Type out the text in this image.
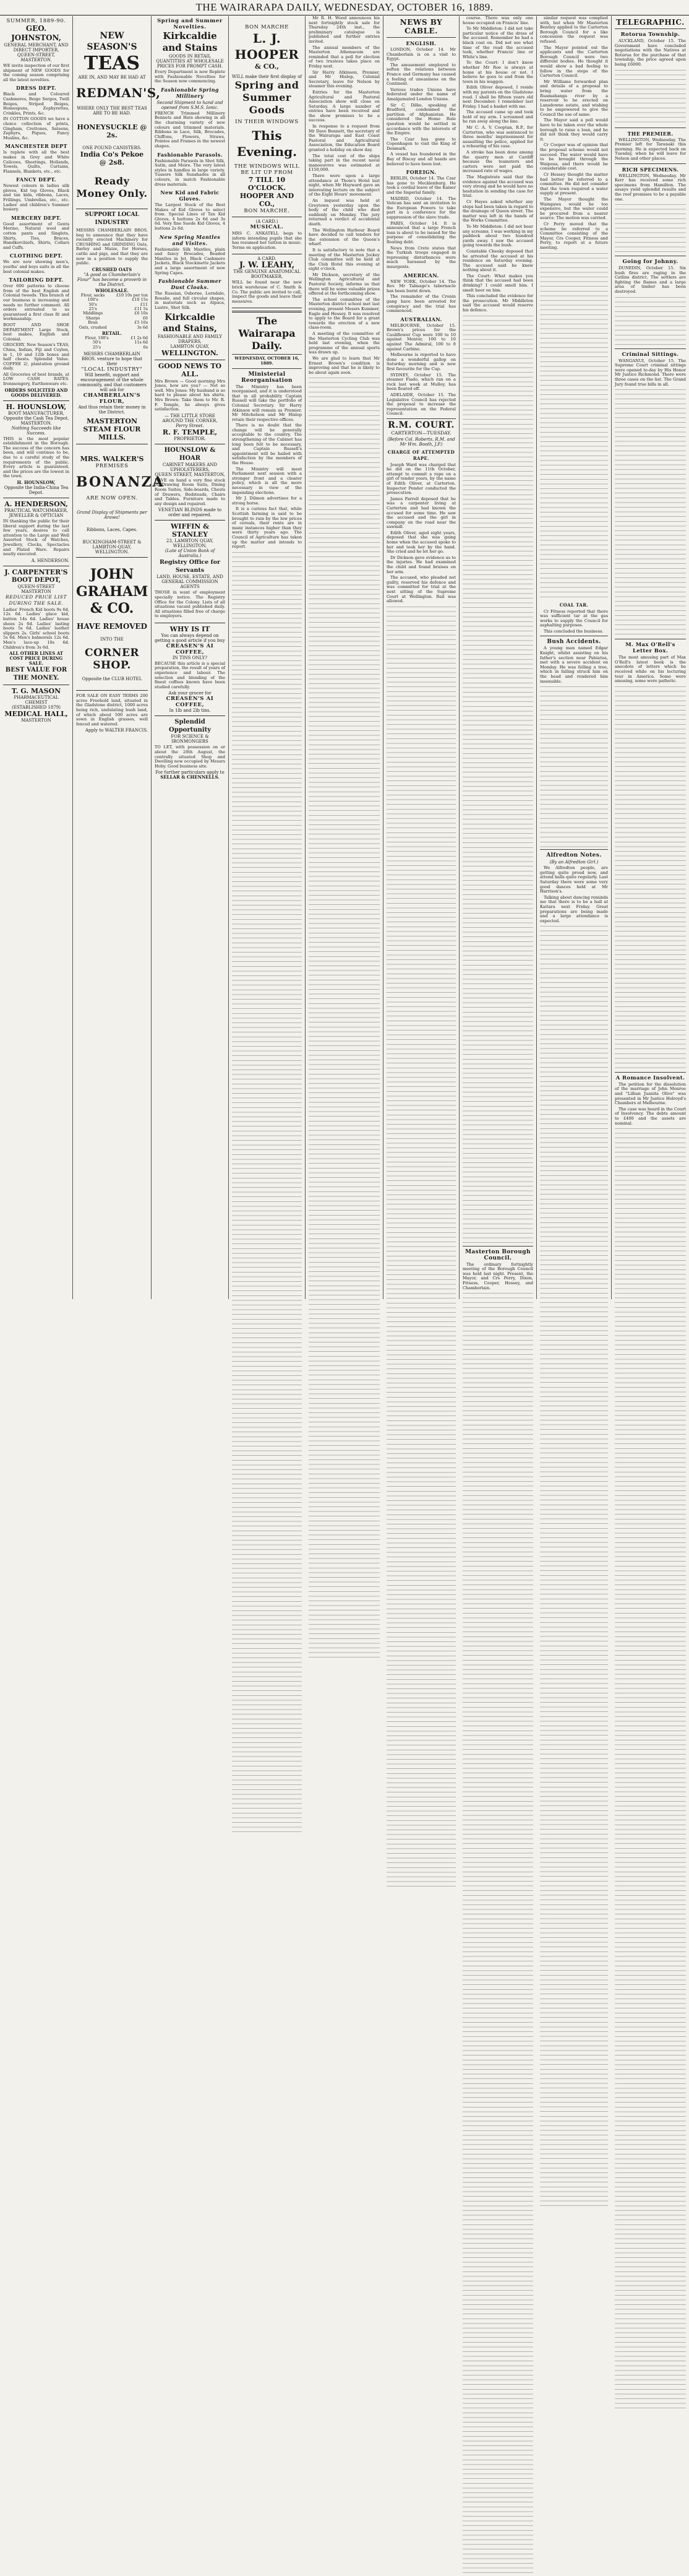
THE WAIRARAPA DAILY, WEDNESDAY, OCTOBER 16, 1889.
SUMMER, 1889-90.
GEO. JOHNSTON,
GENERAL MERCHANT, AND DIRECT IMPORTER,
QUEEN-STREET, MASTERTON.

WE invite inspection of our first shipment of NEW GOODS for the coming season comprising all the latest novelties.

DRESS DEPT.

Black and Coloured Cashmeres, Beige Serges, Twill Beiges, Striped Beiges, Homespuns, Zephyrettes, Crinkles, Prints, &c.

IN COTTON GOODS we have a choice collection of prints, Gingham, Crettones, Sateens, Zephyrs, Piques, Fancy Muslins, &c.

MANCHESTER DEPT

Is replete with all the best makes in Grey and White Calicoes, Sheetings, Hollands, Towels, Quilts, Curtains, Flannels, Blankets, etc., etc.

FANCY DEPT.

Newest colours in ladies silk gloves, Kid top Gloves, Black and tan kids, ribbons, Laces, Frillings, Umbrellas, etc., etc. Ladies' and children's Summer hosiery.

MERCERY DEPT.

Good assortment of Gents Merino, Natural wool and cotton pants and Singlets, Shirts, Ties, Braces, Handkerchiefs, Shirts, Collars and Cuffs.

CLOTHING DEPT.

We are now showing men's, youths' and boys suits in all the best colonial makes.

TAILORING DEPT.

Over 600 patterns to choose from of the best English and Colonial tweeds. This branch of our business is increasing and needs no further comment. All orders entrusted to us guaranteed a first class fit and workmanship.

BOOT AND SHOE DEPARTMENT Large Stock, best makes, English and Colonial.

GROCERY. New Season's TEAS, China, Indian, Fiji and Ceylon, in 1, 10 and 12lb boxes and half chests. Splendid Value. COFFEE 2/, plantation ground daily.

All Groceries of best brands, at LOW CASH RATES. Ironmongery, Earthenware etc.

ORDERS SOLICITED AND GOODS DELIVERED.
H. HOUNSLOW,
BOOT MANUFACTURER, Opposite the Cash Tea Depot, MASTERTON.
Nothing Succeeds like Success.

THIS is the most popular establishment in the Borough. The success of the concern has been, and will continue to be, due to a careful study of the requirements of the public. Every article is guaranteed, and the prices are the lowest in the town.

H. HOUNSLOW,
Opposite the India-China Tea Depot.
A. HENDERSON,
PRACTICAL WATCHMAKER, JEWELLER & OPTICIAN

IN thanking the public for their liberal support during the last few years, desires to call attention to the Large and Well Assorted Stock of Watches, Jewellery, Clocks, Spectacles and Plated Ware. Repairs neatly executed.

A. HENDERSON.
J. CARPENTER'S
BOOT DEPOT,
QUEEN-STREET MASTERTON
REDUCED PRICE LIST DURING THE SALE.

Ladies' French Kid boots 9s 6d, 12s 6d. Ladies' glace kid, button 14s 6d. Ladies' house shoes 2s 6d. Ladies' lasting boots 5s 6d. Ladies' leather slippers 2s. Girls' school boots 5s 6d. Men's balmorals 12s 6d. Men's lace-up 10s 6d. Children's from 3s 6d.

ALL OTHER LINES AT COST PRICE DURING SALE.
BEST VALUE FOR THE MONEY.
T. G. MASON
PHARMACEUTICAL CHEMIST
(ESTABLISHED 1879)
MEDICAL HALL,
MASTERTON
NEW SEASON'S
TEAS
ARE IN, AND MAY BE HAD AT
REDMAN'S,
WHERE ONLY THE BEST TEAS ARE TO BE HAD.
HONEYSUCKLE @ 2s.
ONE POUND CANISTERS.
India Co's Pekoe @ 2s8.
Ready Money Only.
SUPPORT LOCAL INDUSTRY

MESSRS CHAMBERLAIN BROS. beg to announce that they have recently erected Machinery for CRUSHING and GRINDING Oats, Barley and Maize, for Horses, cattle and pigs, and that they are now in a position to supply the public.

CRUSHED OATS
"A good as Chamberlain's Flour" has become a proverb in the District.
WHOLESALE.
Flour, sacks	£10 10s per ton
100's	£10 15s
50's	£11
25's	£11 5s
Middlings	£6 10s
Sharps	£6
Bran	£5 10s
Oats, crushed	3s 6d
RETAIL.
Flour, 100's	£1 2s 6d
50's	11s 6d
25's	6s
MESSRS CHAMBERLAIN BROS. venture to hope that their
"LOCAL INDUSTRY"
Will benefit, support and encouragement of the whole community, and that customers will ask for
CHAMBERLAIN'S FLOUR,
And thus retain their money in the District.
MASTERTON
STEAM FLOUR MILLS.
MRS. WALKER'S
PREMISES
BONANZA
ARE NOW OPEN.
Grand Display of Shipments per Arawa!
Ribbons, Laces, Capes.
BUCKINGHAM-STREET & LAMBTON-QUAY, WELLINGTON.
JOHN GRAHAM
& CO.
HAVE REMOVED
INTO THE
CORNER SHOP.
Opposite the CLUB HOTEL

FOR SALE ON EASY TERMS 200 acres Freehold land, situated in the Gladstone district, 1000 acres being rich, undulating bush land, of which about 500 acres are sown in English grasses, well fenced and watered.

Apply to WALTER FRANCIS.
Spring and Summer Novelties.
Kirkcaldie and Stains
GOODS IN RETAIL QUANTITIES AT WHOLESALE PRICES FOR PROMPT CASH.

Every Department is now Replete with Fashionable Novelties for the Season now commencing.

Fashionable Spring Millinery
Second Shipment to hand and opened from S.M.S. Ionic.

FRENCH Trimmed Millinery Bonnets and Hats showing in all the charming variety of new colours and trimmed materials. Ribbons in Lace, Silk, Brocades, Chiffons, Flowers, Straws, Pointes and Frames in the newest shapes.

Fashionable Parasols.

Fashionable Parasols in Shot Silk, Satin, and Moire. The very latest styles in handles in large variety. Tussore Silk Sunshades in all colours, in match Fashionable dress materials.

New Kid and Fabric Gloves.

The Largest Stock of the Best Makes of Kid Gloves to select from. Special Lines of Tan Kid Gloves, 4 buttons 2s 6d and 3s 6d. Very fine Suede Kid Gloves, 4 buttons 2s 6d.

New Spring Mantles and Visites.

Fashionable Silk Mantles, plain and fancy Brocades, Beaded Mantles in Jet, Black Cashmere Jackets, Black Stockinette Jackets and a large assortment of new Spring Capes.

Fashionable Summer Dust Cloaks.

The Russian, Osborne, Lorndale, Rosalie, and full circular shapes, in materials such as Alpaca, Lustre, Shot Silk.

Kirkcaldie and Stains,
FASHIONABLE AND FAMILY DRAPERS,
LAMBTON QUAY,
WELLINGTON.
GOOD NEWS TO ALL.

Mrs Brown — Good morning Mrs Jones, how are you? — Not so well. Mrs Jones: My husband is so hard to please about his shirts. Mrs Brown: Take them to Mr. R. F. Temple, he always gives satisfaction.

— THE LITTLE STORE AROUND THE CORNER,
Perry Street.
R. F. TEMPLE,
PROPRIETOR.
HOUNSLOW & HOAR
CABINET MAKERS AND UPHOLSTERERS,
QUEEN STREET, MASTERTON,

HAVE on hand a very fine stock of Drawing Room Suits, Dining Room Suites, Side-boards, Chests of Drawers, Bedsteads, Chairs and Tables. Furniture made to any design and repaired.

VENETIAN BLINDS made to order and repaired.
WIFFIN & STANLEY
23, LAMBTON QUAY, WELLINGTON,
(Late of Union Bank of Australia.)
Registry Office for Servants
LAND, HOUSE, ESTATE, AND
GENERAL COMMISSION AGENTS

THOSE in want of employment specially notice. The Registry Office for the Colony. Lists of all situations vacant published daily. All situations filled free of charge to employers.

WHY IS IT
You can always depend on getting a good article if you buy
CREASEN'S AI COFFEE,
IN TINS ONLY?

BECAUSE this article is a special preparation, the result of years of experience and labour. The selection and blending of the finest coffees known have been studied carefully.

Ask your grocer for
CREASEN'S AI COFFEE,
In 1lb and 2lb tins.
Splendid Opportunity
FOR SCIENCE & IRONMONGERS

TO LET, with possession on or about the 20th August, the centrally situated Shop and Dwelling now occupied by Messrs Hoby. Good business site.

For further particulars apply to
SELLAR & CHENNELLS.
BON MARCHE
L. J. HOOPER
& CO.,
WILL make their first display of
Spring and Summer
Goods
IN THEIR WINDOWS
This Evening.
THE WINDOWS WILL BE LIT UP FROM
7 TILL 10 O'CLOCK.
HOOPER AND CO.,
BON MARCHE.
(A CARD.)
MUSICAL.

MRS C. ANKATELL begs to inform intending pupils that she has resumed her tuition in music. Terms on application.

A CARD.
J. W. LEAHY,
THE GENUINE ANATOMICAL BOOTMAKER,

WILL be found near the new brick warehouse of C. Smith & Co. The public are invited to call, inspect the goods and leave their measures.

The Wairarapa Daily.
WEDNESDAY, OCTOBER 16, 1889.
Ministerial Reorganisation

The Ministry has been reorganised, and it is understood that in all probability Captain Russell will take the portfolio of Colonial Secretary. Sir Harry Atkinson will remain as Premier. Mr Mitchelson and Mr Hislop retain their respective offices.

There is no doubt that the change will be generally acceptable to the country. The strengthening of the Cabinet has long been felt to be necessary, and Captain Russell's appointment will be hailed with satisfaction by the members of the House.

The Ministry will meet Parliament next session with a stronger front and a clearer policy, which is all the more necessary in view of the impending elections.

Mr J. Dilmon advertises for a strong horse.

It is a curious fact that, while Scottish farming is said to be brought to ruin by the low prices of cereals, their rents are in many instances higher than they were thirty years ago. The Council of Agriculture has taken up the matter and intends to report.

Mr R. H. Wood announces his next fortnightly stock sale for Thursday 24th inst., the preliminary catalogue is published and further entries invited.

The annual members of the Masterton Athenaeum are reminded that a poll for election of two trustees takes place on Friday next.

Sir Harry Atkinson, Premier, and Mr Hislop, Colonial Secretary, leave for Nelson by steamer this evening.

Entries for the Masterton Agricultural and Pastoral Association show will close on Saturday. A large number of entries have been received and the show promises to be a success.

In response to a request from Mr Dave Bennett, the secretary of the Wairarapa and East Coast Pastoral and Agricultural Association, the Education Board granted a holiday on show day.

The total cost of the ships taking part in the recent naval manoeuvres was estimated at £150,000.

There were upon a large attendance at Thom's Hotel last night, when Mr Hayward gave an interesting lecture on the subject of the Eight Hours' movement.

An inquest was held at Greytown yesterday upon the body of the child who died suddenly on Monday. The jury returned a verdict of accidental death.

The Wellington Harbour Board have decided to call tenders for the extension of the Queen's wharf.

It is satisfactory to note that a meeting of the Masterton Jockey Club committee will be held at the Club Hotel this evening at eight o'clock.

Mr Dickson, secretary of the Wellington Agricultural and Pastoral Society, informs us that there will be some valuable prizes offered at the forthcoming show.

The school committee of the Masterton district school met last evening, present Messrs Kummer, Eagle and Hessey. It was resolved to apply to the Board for a grant towards the erection of a new class-room.

A meeting of the committee of the Masterton Cycling Club was held last evening, when the programme of the annual sports was drawn up.

We are glad to learn that Mr Ernest Brown's condition is improving and that he is likely to be about again soon.

NEWS BY CABLE.
ENGLISH.

LONDON, October 14. Mr Chamberlain is on a visit to Egypt.

The amusement employed to soften the relations between France and Germany has caused a feeling of uneasiness on the Continent.

Various trades Unions have federated under the name of Amalgamated London Unions.

Sir C. Dilke, speaking at Bradford, condemned the partition of Afghanistan. He considered the Home Rule question would be settled in accordance with the interests of the Empire.

The Czar has gone to Copenhagen to visit the King of Denmark.

A vessel has foundered in the Bay of Biscay and all hands are believed to have been lost.

FOREIGN.

BERLIN, October 14. The Czar has gone to Mecklenburg. He took a cordial leave of the Kaiser and the Imperial family.

MADRID, October 14. The Vatican has sent an invitation to the European Powers to take part in a conference for the suppression of the slave trade.

PARIS, October 14. It is announced that a large French loan is about to be issued for the purpose of consolidating the floating debt.

News from Crete states that the Turkish troops engaged in repressing disturbances were much harassed by the insurgents.

AMERICAN.

NEW YORK, October 14. The Rev. Mr Talmage's tabernacle has been burnt down.

The remainder of the Cronin gang have been arrested for conspiracy and the trial has commenced.

AUSTRALIAN.

MELBOURNE, October 15. Brown's prices for the Cauliflower Cup were 100 to 10 against Mentor, 100 to 10 against The Admiral, 100 to 8 against Carbine.

Melbourne is reported to have done a wonderful gallop on Saturday morning and is now first favourite for the Cup.

SYDNEY, October 15. The steamer Fiado, which ran on a rock last week at Mulloy, has been floated off.

ADELAIDE, October 15. The Legislative Council has rejected the proposal to increase the representation on the Federal Council.

R.M. COURT.
CARTERTON—TUESDAY.
(Before Col. Roberts, R.M. and Mr Wm. Booth, J.P.)
CHARGE OF ATTEMPTED RAPE.

Joseph Ward was charged that he did on the 11th October, attempt to commit a rape on a girl of tender years, by the name of Edith Oliver, at Carterton. Inspector Pender conducted the prosecution.

James Farrell deposed that he was a carpenter living at Carterton and had known the accused for some time. He saw the accused and the girl in company on the road near the sawmill.

Edith Oliver, aged eight years, deposed that she was going home when the accused spoke to her and took her by the hand. She cried and he let her go.

Dr Dickson gave evidence as to the injuries. He had examined the child and found bruises on her arm.

The accused, who pleaded not guilty, reserved his defence and was committed for trial at the next sitting of the Supreme Court at Wellington. Bail was allowed.

course. There was only one house occupied on Francis' line.

To Mr Middleton: I did not take particular notice of the dress of the accused. Remember he had a black coat on. Did not see what time of the road the accused took, whether Francis' line or White's line.

To the Court: I don't know whether Mr Roe is always at home at his house or not. I believe he goes to and from the town in his waggon.

Edith Oliver deposed, I reside with my parents on the Gladstone road. I shall be fifteen years old next December. I remember last Friday. I had a basket with me.

The accused came up and took hold of my arm. I screamed and he ran away along the line.

Mr C. A. V. Cooptan, R.P., for Carterton, who was sentenced to three months' imprisonment for assaulting the police, applied for a rehearing of his case.

A stroke has been done among the quarry men at Cardiff because the teamsters and carters were not paid the increased rate of wages.

The Magistrate said that the evidence against the accused was very strong and he would have no hesitation in sending the case for trial.

Cr Hayes asked whether any steps had been taken in regard to the drainage of Queen street. The matter was left in the hands of the Works Committee.

To Mr Middleton: I did not hear any screams. I was working in my paddock about two hundred yards away. I saw the accused going towards the bush.

Constable Cheeky deposed that he arrested the accused at his residence on Saturday evening. The accused said he knew nothing about it.

The Court: What makes you think that the accused had been drinking? I could smell him. I smelt beer on him.

This concluded the evidence for the prosecution. Mr Middleton said the accused would reserve his defence.

Masterton Borough Council.

The ordinary fortnightly meeting of the Borough Council was held last night. Present, the Mayor, and Crs Perry, Dixon, Fitness, Cooper, Hessey, and Chamberlain.

similar request was complied with, but when Mr Masterton Bentley applied to the Carterton Borough Council for a like concession the request was refused.

The Mayor pointed out the applicants and the Carterton Borough Council were two different bodies. He thought it would show a bad feeling to follow in the steps of the Carterton Council.

Mr Williams forwarded plan and details of a proposal to bring water from the Ruamahanga river by a reservoir to be erected on Lansdowne estate, and wishing to be empowered to give the Council the use of same.

The Mayor said a poll would have to be taken over the whole borough to raise a loan, and he did not think they would carry it.

Cr Cooper was of opinion that the proposal scheme would not succeed. The water would have to be brought through the Waipoua, and there would be considerable cost.

Cr Hessey thought the matter had better be referred to a committee. He did not consider that the town required a water supply at present.

The Mayor thought the Waingawa would be too expensive, but the water could be procured from a nearer source. The motion was carried.

Cr Perry moved that the scheme be referred to a Committee consisting of the Mayor, Crs Cooper, Fitness and Perry, to report at a future meeting.

COAL TAR.

Cr Fitness reported that there was sufficient tar at the gas works to supply the Council for asphalting purposes.

This concluded the business.

Bush Accidents.

A young man named Edgar Knight, whilst assisting on his father's section near Pahiatua, met with a severe accident on Monday. He was felling a tree, which in falling struck him on the head and rendered him insensible.

Alfredton Notes.
(By an Alfredton Girl.)

We Alfredton people, are getting quite proud now, and attend balls quite regularly. Last Saturday there were some very good dances held at Mr Harrison's.

Talking about dancing reminds me that there is to be a ball at Kaitara next Friday. Great preparations are being made and a large attendance is expected.

TELEGRAPHIC.
Rotorua Township.

AUCKLAND, October 15. The Government have concluded negotiations with the Natives at Rotorua for the purchase of that township, the price agreed upon being £6000.

THE PREMIER.

WELLINGTON, Wednesday. The Premier left for Taranaki this morning. He is expected back on Tuesday, when he will leave for Nelson and other places.

RICH SPECIMENS.

WELLINGTON, Wednesday. Mr Kerr has received some rich specimens from Hamilton. The assays yield splendid results and the reef promises to be a payable one.

Going for Johnny.

DUNEDIN, October 15. Six bush fires are raging in the Catlins district. The settlers are fighting the flames and a large area of timber has been destroyed.

Criminal Sittings.

WANGANUI, October 15. The Supreme Court criminal sittings were opened to-day by His Honor Mr Justice Richmond. There were three cases on the list. The Grand Jury found true bills in all.

M. Max O'Rell's Letter Box.

The most amusing part of Max O'Rell's latest book is the anecdote of letters which he received while on his lecturing tour in America. Some were amusing, some were pathetic.

A Romance Insolvent.

The petition for the dissolution of the marriage of John Monroe and "Lillian Juanita Olive" was presented in Mr Justice Holroyd's Chambers at Melbourne.

The case was heard in the Court of Insolvency. The debts amount to £400 and the assets are nominal.
